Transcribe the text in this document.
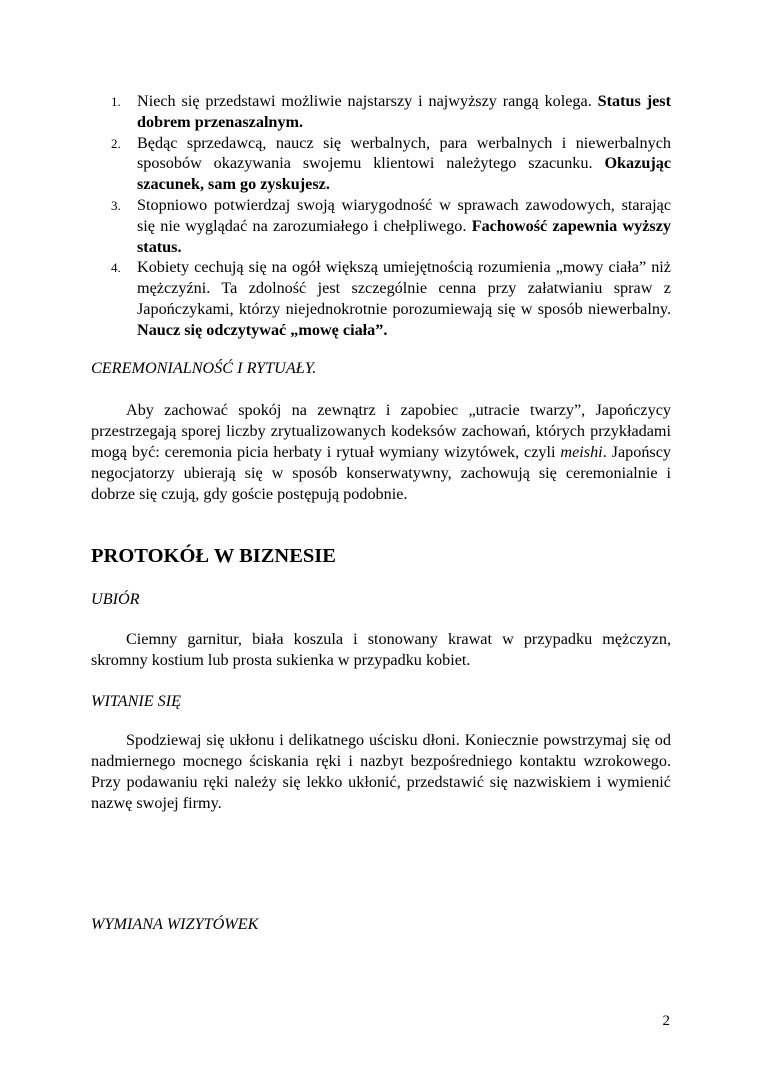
1. Niech się przedstawi możliwie najstarszy i najwyższy rangą kolega. Status jest dobrem przenaszalnym.
2. Będąc sprzedawcą, naucz się werbalnych, para werbalnych i niewerbalnych sposobów okazywania swojemu klientowi należytego szacunku. Okazując szacunek, sam go zyskujesz.
3. Stopniowo potwierdzaj swoją wiarygodność w sprawach zawodowych, starając się nie wyglądać na zarozumiałego i chełpliwego. Fachowość zapewnia wyższy status.
4. Kobiety cechują się na ogół większą umiejętnością rozumienia „mowy ciała” niż mężczyźni. Ta zdolność jest szczególnie cenna przy załatwianiu spraw z Japończykami, którzy niejednokrotnie porozumiewają się w sposób niewerbalny. Naucz się odczytywać „mowę ciała”.

CEREMONIALNOŚĆ I RYTUAŁY.

Aby zachować spokój na zewnątrz i zapobiec „utracie twarzy”, Japończycy przestrzegają sporej liczby zrytualizowanych kodeksów zachowań, których przykładami mogą być: ceremonia picia herbaty i rytuał wymiany wizytówek, czyli meishi. Japońscy negocjatorzy ubierają się w sposób konserwatywny, zachowują się ceremonialnie i dobrze się czują, gdy goście postępują podobnie.

PROTOKÓŁ W BIZNESIE

UBIÓR

Ciemny garnitur, biała koszula i stonowany krawat w przypadku mężczyzn, skromny kostium lub prosta sukienka w przypadku kobiet.

WITANIE SIĘ

Spodziewaj się ukłonu i delikatnego uścisku dłoni. Koniecznie powstrzymaj się od nadmiernego mocnego ściskania ręki i nazbyt bezpośredniego kontaktu wzrokowego. Przy podawaniu ręki należy się lekko ukłonić, przedstawić się nazwiskiem i wymienić nazwę swojej firmy.

WYMIANA WIZYTÓWEK

2
